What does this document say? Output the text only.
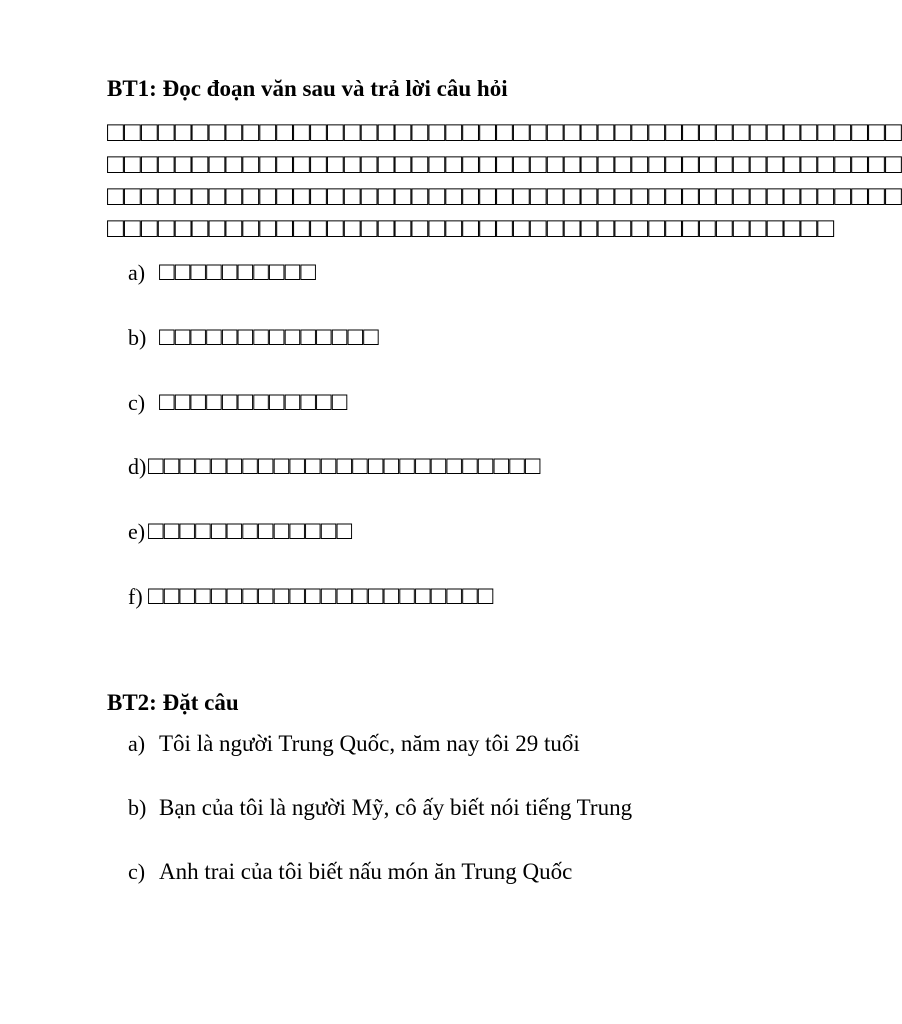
BT1: Đọc đoạn văn sau và trả lời câu hỏi
□□□□□□□□□□□□□□□□□□□□□□□□□□□□□□□□□□□□□□□□□□□□□□□
□□□□□□□□□□□□□□□□□□□□□□□□□□□□□□□□□□□□□□□□□□□□□□□
□□□□□□□□□□□□□□□□□□□□□□□□□□□□□□□□□□□□□□□□□□□□□□□
□□□□□□□□□□□□□□□□□□□□□□□□□□□□□□□□□□□□□□□□□□□
a) □□□□□□□□□□
b) □□□□□□□□□□□□□□
c) □□□□□□□□□□□□
d) □□□□□□□□□□□□□□□□□□□□□□□□□
e) □□□□□□□□□□□□□
f) □□□□□□□□□□□□□□□□□□□□□□
BT2: Đặt câu
a) Tôi là người Trung Quốc, năm nay tôi 29 tuổi
b) Bạn của tôi là người Mỹ, cô ấy biết nói tiếng Trung
c) Anh trai của tôi biết nấu món ăn Trung Quốc
